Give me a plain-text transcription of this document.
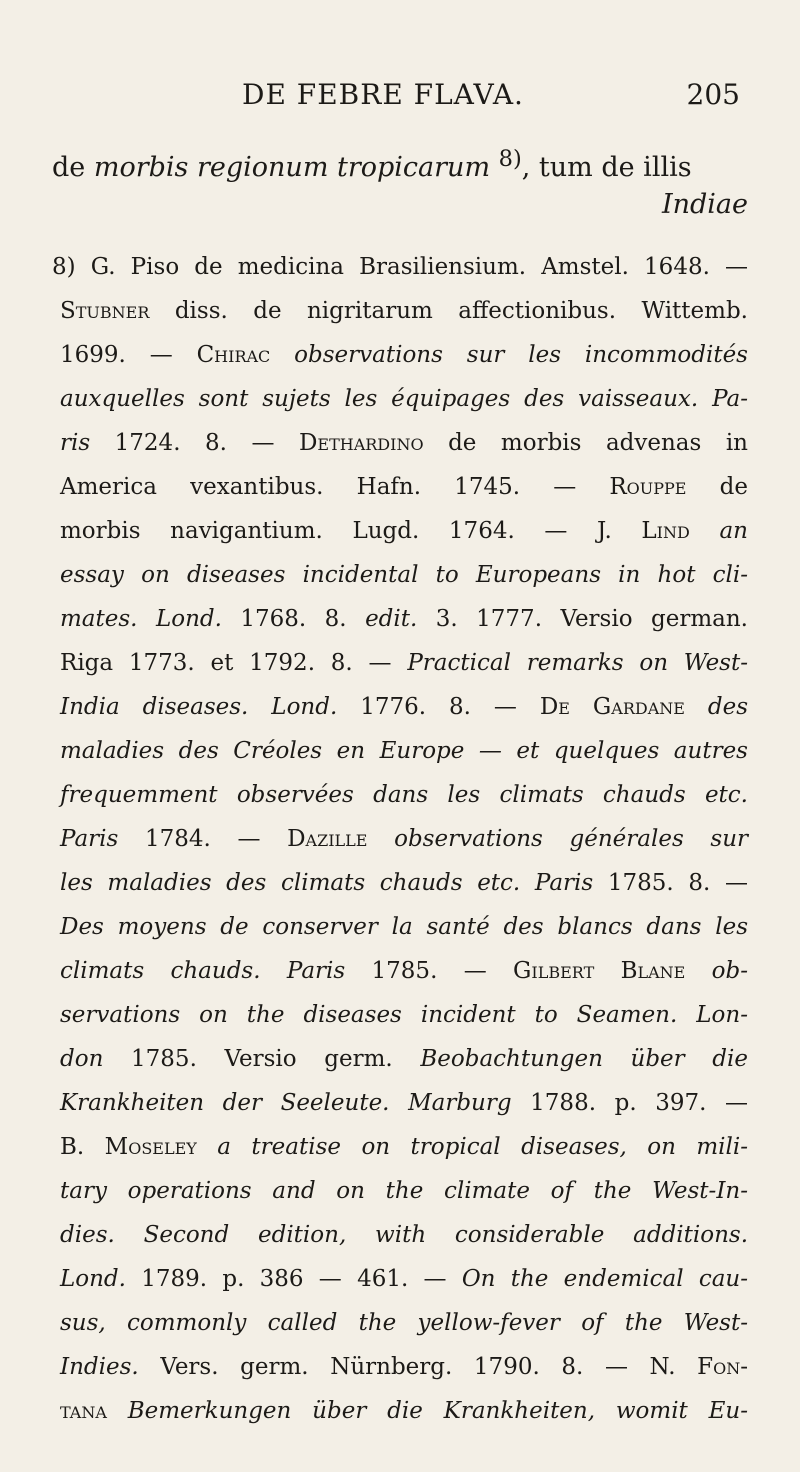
DE FEBRE FLAVA.	205
de morbis regionum tropicarum $^{8)}$, tum de illis
Indiae
8) G. Piso de medicina Brasiliensium. Amstel. 1648. —
Stubner diss. de nigritarum affectionibus. Wittemb.
1699. — Chirac observations sur les incommodités
auxquelles sont sujets les équipages des vaisseaux. Pa-
ris 1724. 8. — Dethardino de morbis advenas in
America vexantibus. Hafn. 1745. — Rouppe de
morbis navigantium. Lugd. 1764. — J. Lind an
essay on diseases incidental to Europeans in hot cli-
mates. Lond. 1768. 8. edit. 3. 1777. Versio german.
Riga 1773. et 1792. 8. — Practical remarks on West-
India diseases. Lond. 1776. 8. — De Gardane des
maladies des Créoles en Europe — et quelques autres
frequemment observées dans les climats chauds etc.
Paris 1784. — Dazille observations générales sur
les maladies des climats chauds etc. Paris 1785. 8. —
Des moyens de conserver la santé des blancs dans les
climats chauds. Paris 1785. — Gilbert Blane ob-
servations on the diseases incident to Seamen. Lon-
don 1785. Versio germ. Beobachtungen über die
Krankheiten der Seeleute. Marburg 1788. p. 397. —
B. Moseley a treatise on tropical diseases, on mili-
tary operations and on the climate of the West-In-
dies. Second edition, with considerable additions.
Lond. 1789. p. 386 — 461. — On the endemical cau-
sus, commonly called the yellow-fever of the West-
Indies. Vers. germ. Nürnberg. 1790. 8. — N. Fon-
tana Bemerkungen über die Krankheiten, womit Eu-
